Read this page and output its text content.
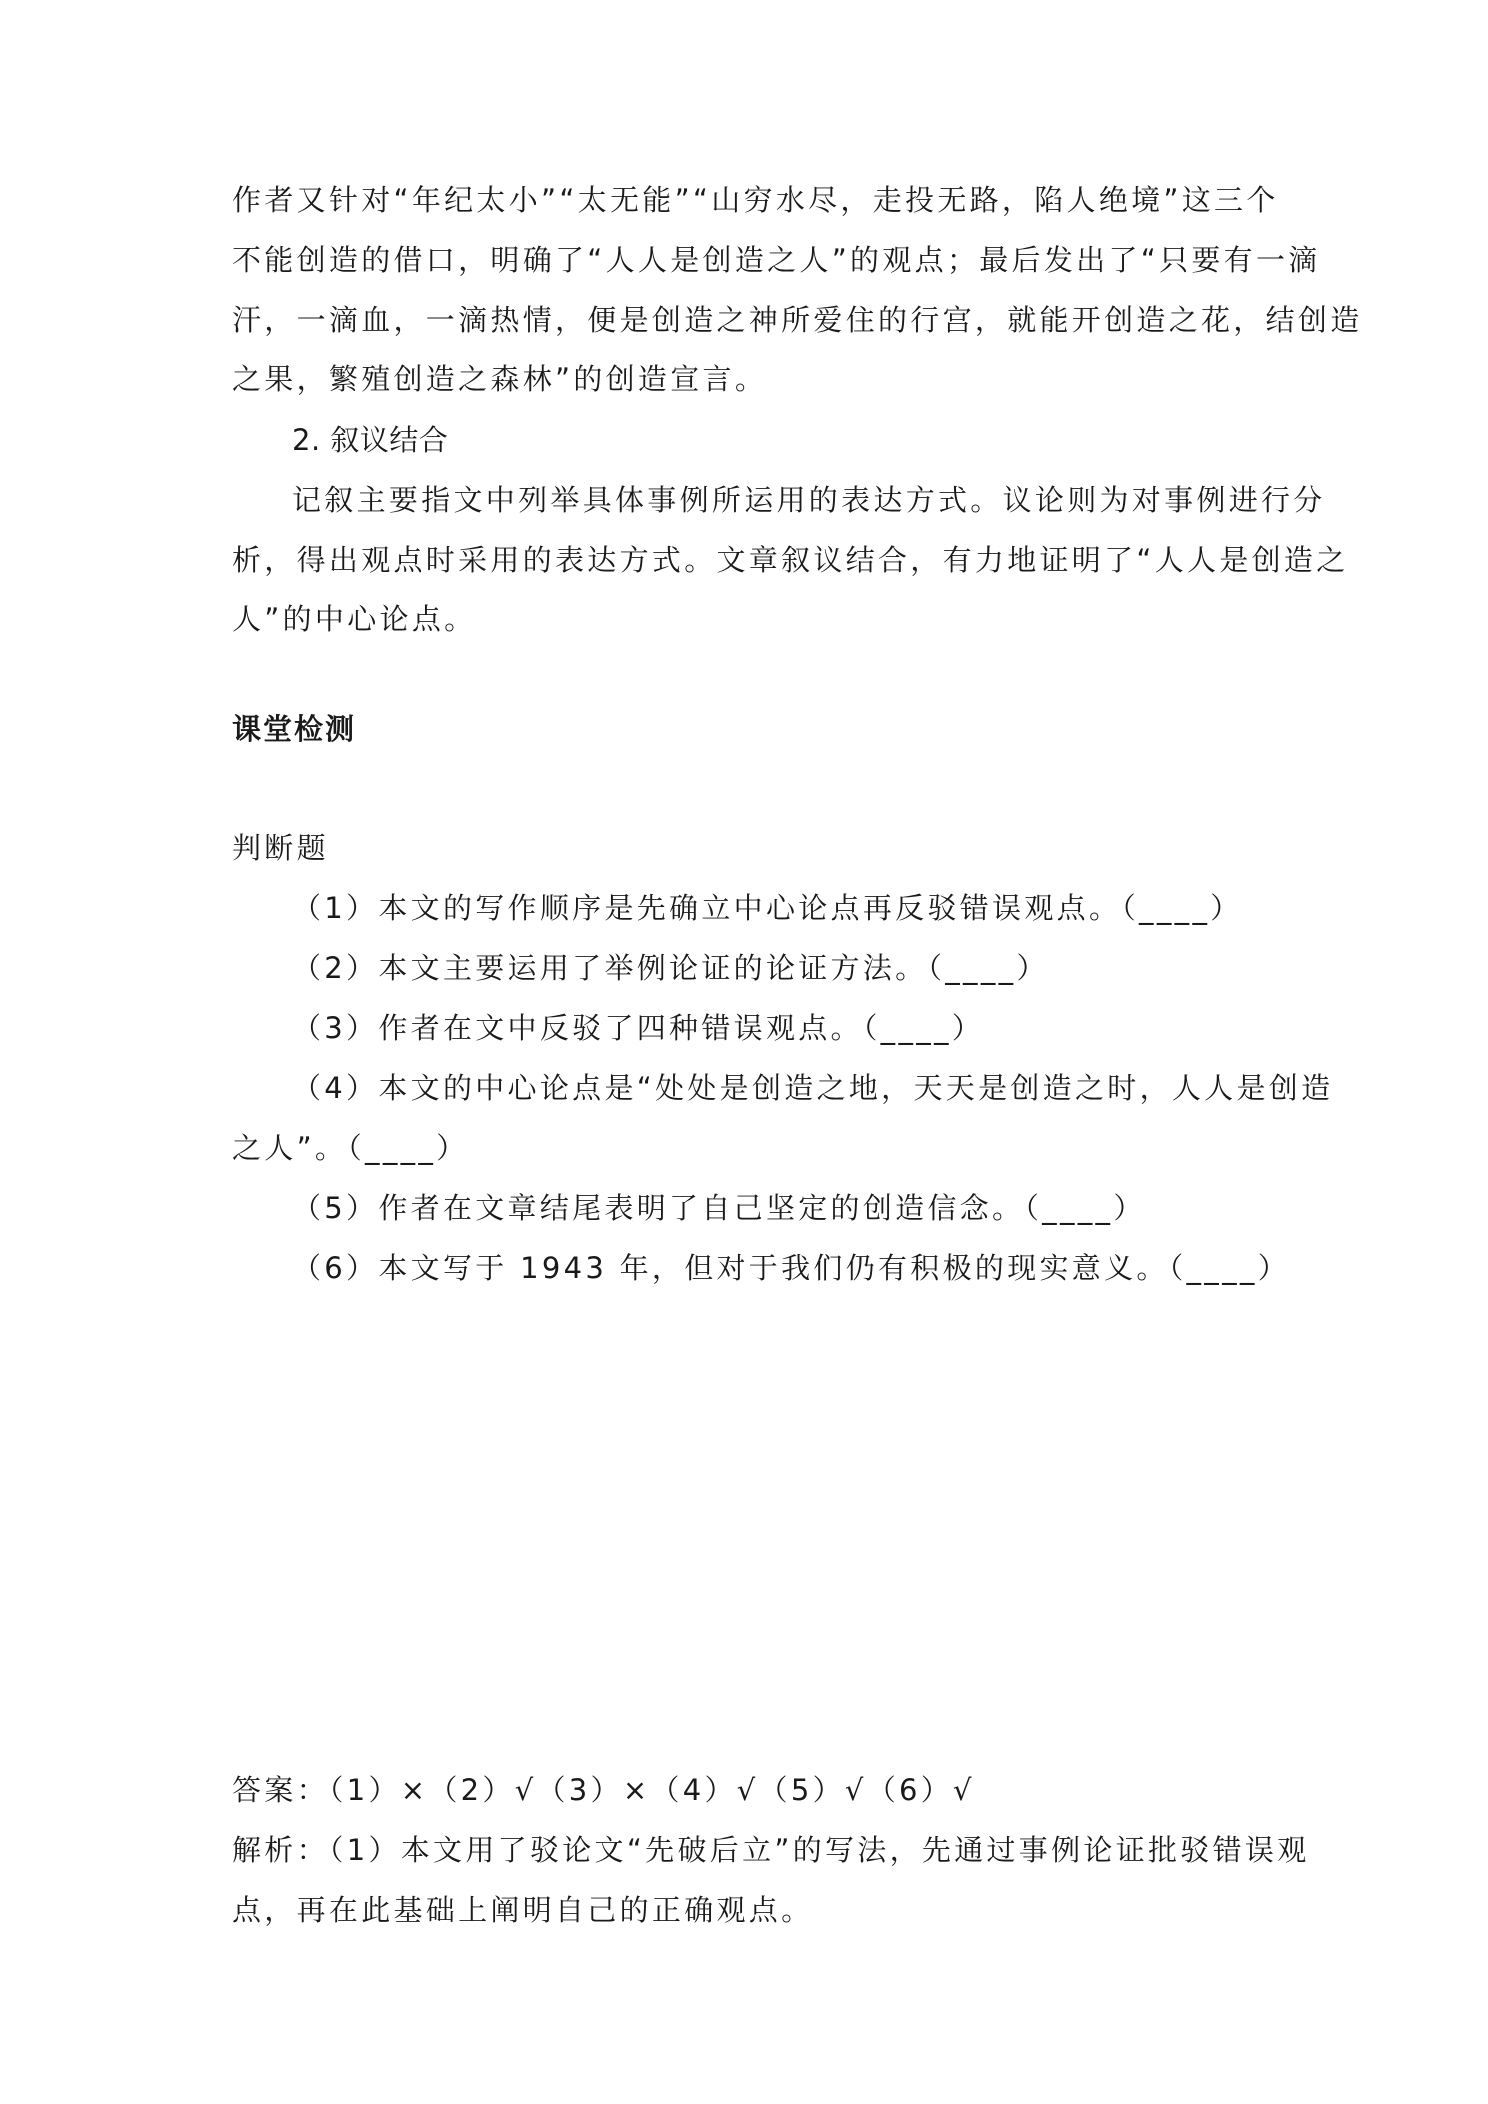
作者又针对“年纪太小”“太无能”“山穷水尽，走投无路，陷人绝境”这三个
不能创造的借口，明确了“人人是创造之人”的观点；最后发出了“只要有一滴
汗，一滴血，一滴热情，便是创造之神所爱住的行宫，就能开创造之花，结创造
之果，繁殖创造之森林”的创造宣言。
2. 叙议结合
记叙主要指文中列举具体事例所运用的表达方式。议论则为对事例进行分
析，得出观点时采用的表达方式。文章叙议结合，有力地证明了“人人是创造之
人”的中心论点。
课堂检测
判断题
（1）本文的写作顺序是先确立中心论点再反驳错误观点。（____）
（2）本文主要运用了举例论证的论证方法。（____）
（3）作者在文中反驳了四种错误观点。（____）
（4）本文的中心论点是“处处是创造之地，天天是创造之时，人人是创造
之人”。（____）
（5）作者在文章结尾表明了自己坚定的创造信念。（____）
（6）本文写于 1943 年，但对于我们仍有积极的现实意义。（____）
答案：（1）×（2）√（3）×（4）√（5）√（6）√
解析：（1）本文用了驳论文“先破后立”的写法，先通过事例论证批驳错误观
点，再在此基础上阐明自己的正确观点。
